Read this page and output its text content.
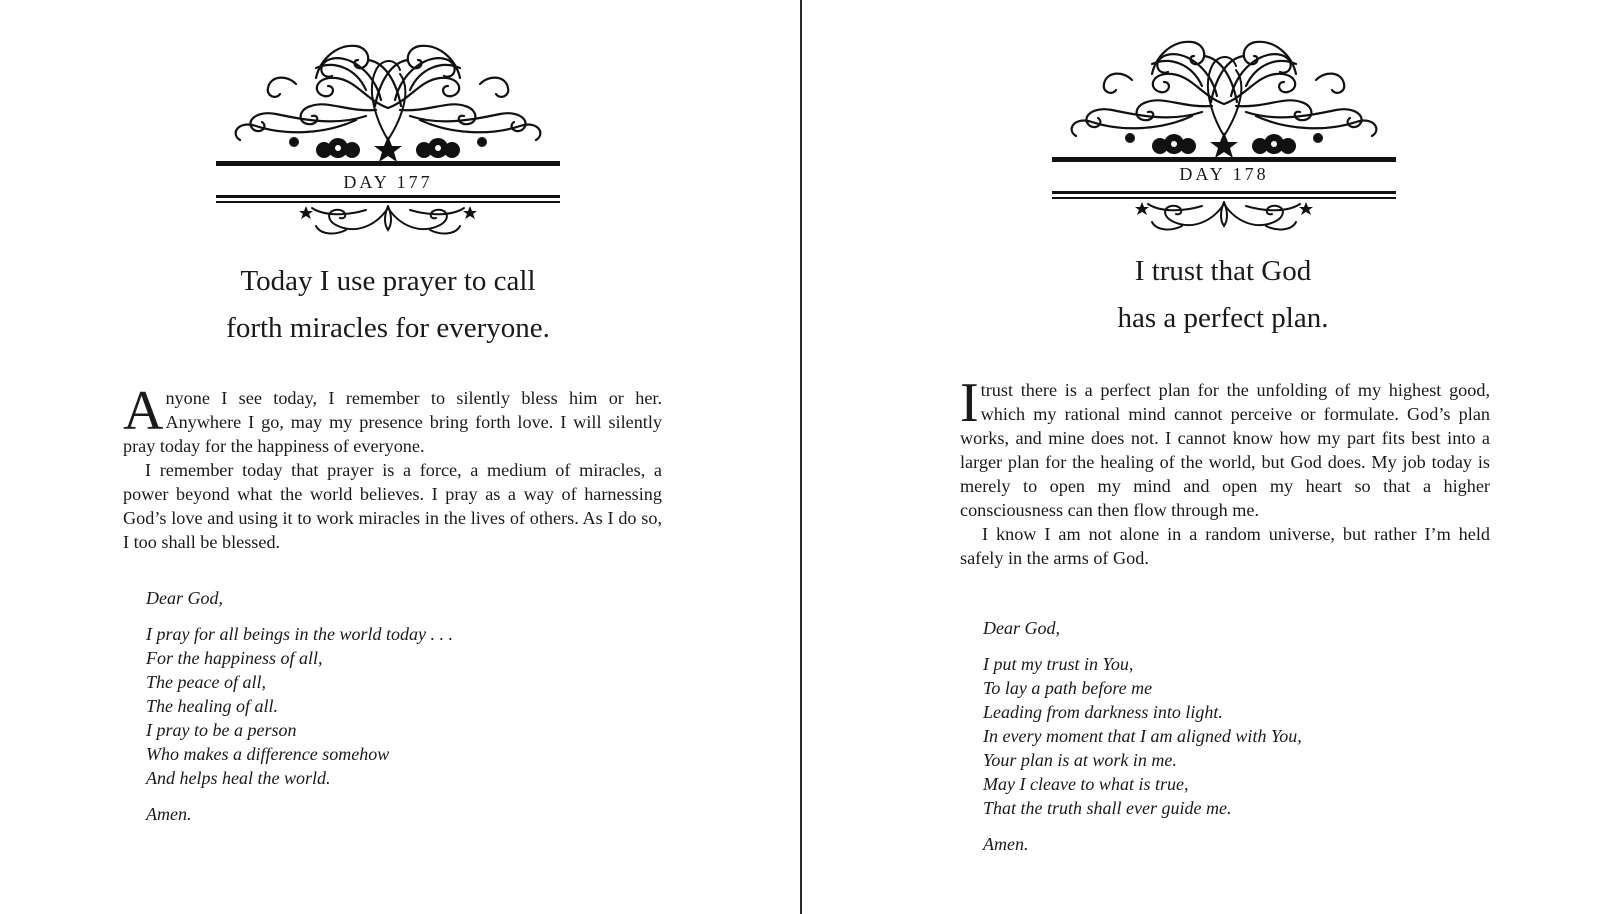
DAY 177
Today I use prayer to call
forth miracles for everyone.

Anyone I see today, I remember to silently bless him or her. Anywhere I go, may my presence bring forth love. I will silently pray today for the happiness of everyone.

I remember today that prayer is a force, a medium of miracles, a power beyond what the world believes. I pray as a way of harnessing God’s love and using it to work miracles in the lives of others. As I do so, I too shall be blessed.

Dear God,
I pray for all beings in the world today . . .
For the happiness of all,
The peace of all,
The healing of all.
I pray to be a person
Who makes a difference somehow
And helps heal the world.
Amen.
DAY 178
I trust that God
has a perfect plan.

Itrust there is a perfect plan for the unfolding of my highest good, which my rational mind cannot perceive or formulate. God’s plan works, and mine does not. I cannot know how my part fits best into a larger plan for the healing of the world, but God does. My job today is merely to open my mind and open my heart so that a higher consciousness can then flow through me.

I know I am not alone in a random universe, but rather I’m held safely in the arms of God.

Dear God,
I put my trust in You,
To lay a path before me
Leading from darkness into light.
In every moment that I am aligned with You,
Your plan is at work in me.
May I cleave to what is true,
That the truth shall ever guide me.
Amen.
